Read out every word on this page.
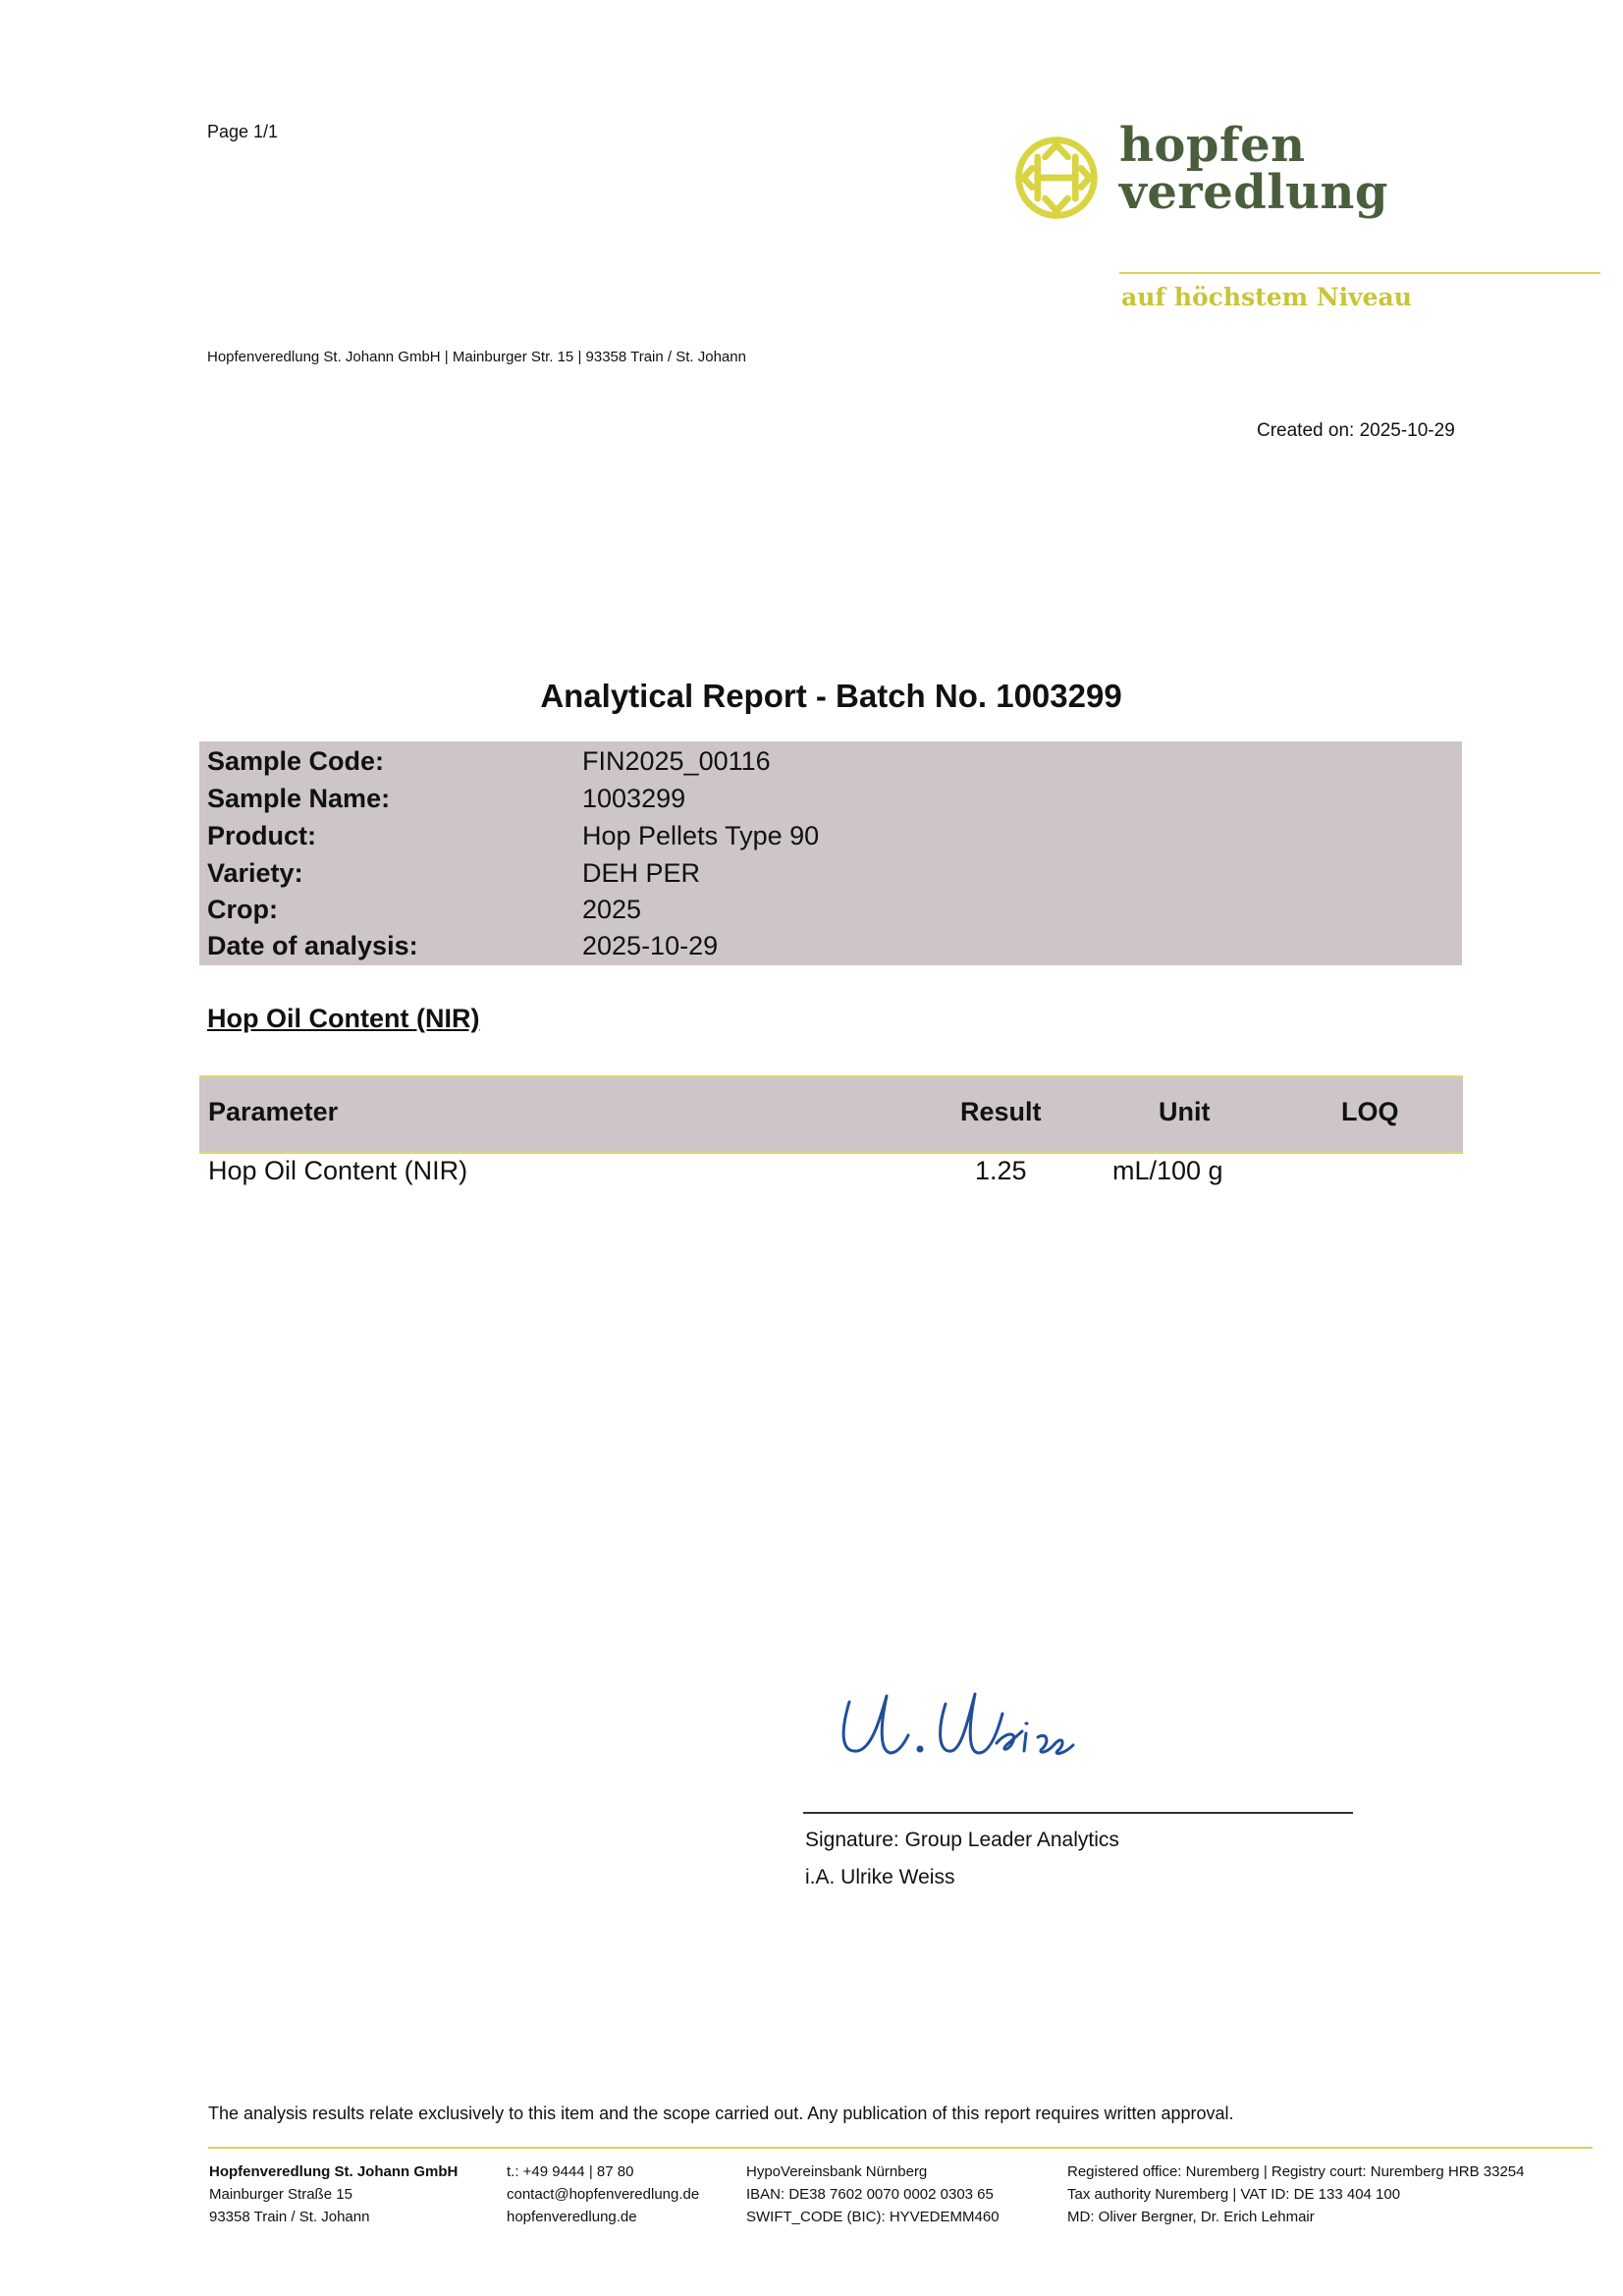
Page 1/1	hopfen
veredlung
auf höchstem Niveau
Hopfenveredlung St. Johann GmbH | Mainburger Str. 15 | 93358 Train / St. Johann
Created on: 2025-10-29
Analytical Report - Batch No. 1003299
Sample Code:	FIN2025_00116
Sample Name:	1003299
Product:	Hop Pellets Type 90
Variety:	DEH PER
Crop:	2025
Date of analysis:	2025-10-29
Hop Oil Content (NIR)
Parameter	Result	Unit	LOQ
Hop Oil Content (NIR)	1.25	mL/100 g
Signature: Group Leader Analytics
i.A. Ulrike Weiss
The analysis results relate exclusively to this item and the scope carried out. Any publication of this report requires written approval.
Hopfenveredlung St. Johann GmbH
Mainburger Straße 15
93358 Train / St. Johann
t.: +49 9444 | 87 80
contact@hopfenveredlung.de
hopfenveredlung.de
HypoVereinsbank Nürnberg
IBAN: DE38 7602 0070 0002 0303 65
SWIFT_CODE (BIC): HYVEDEMM460
Registered office: Nuremberg | Registry court: Nuremberg HRB 33254
Tax authority Nuremberg | VAT ID: DE 133 404 100
MD: Oliver Bergner, Dr. Erich Lehmair
